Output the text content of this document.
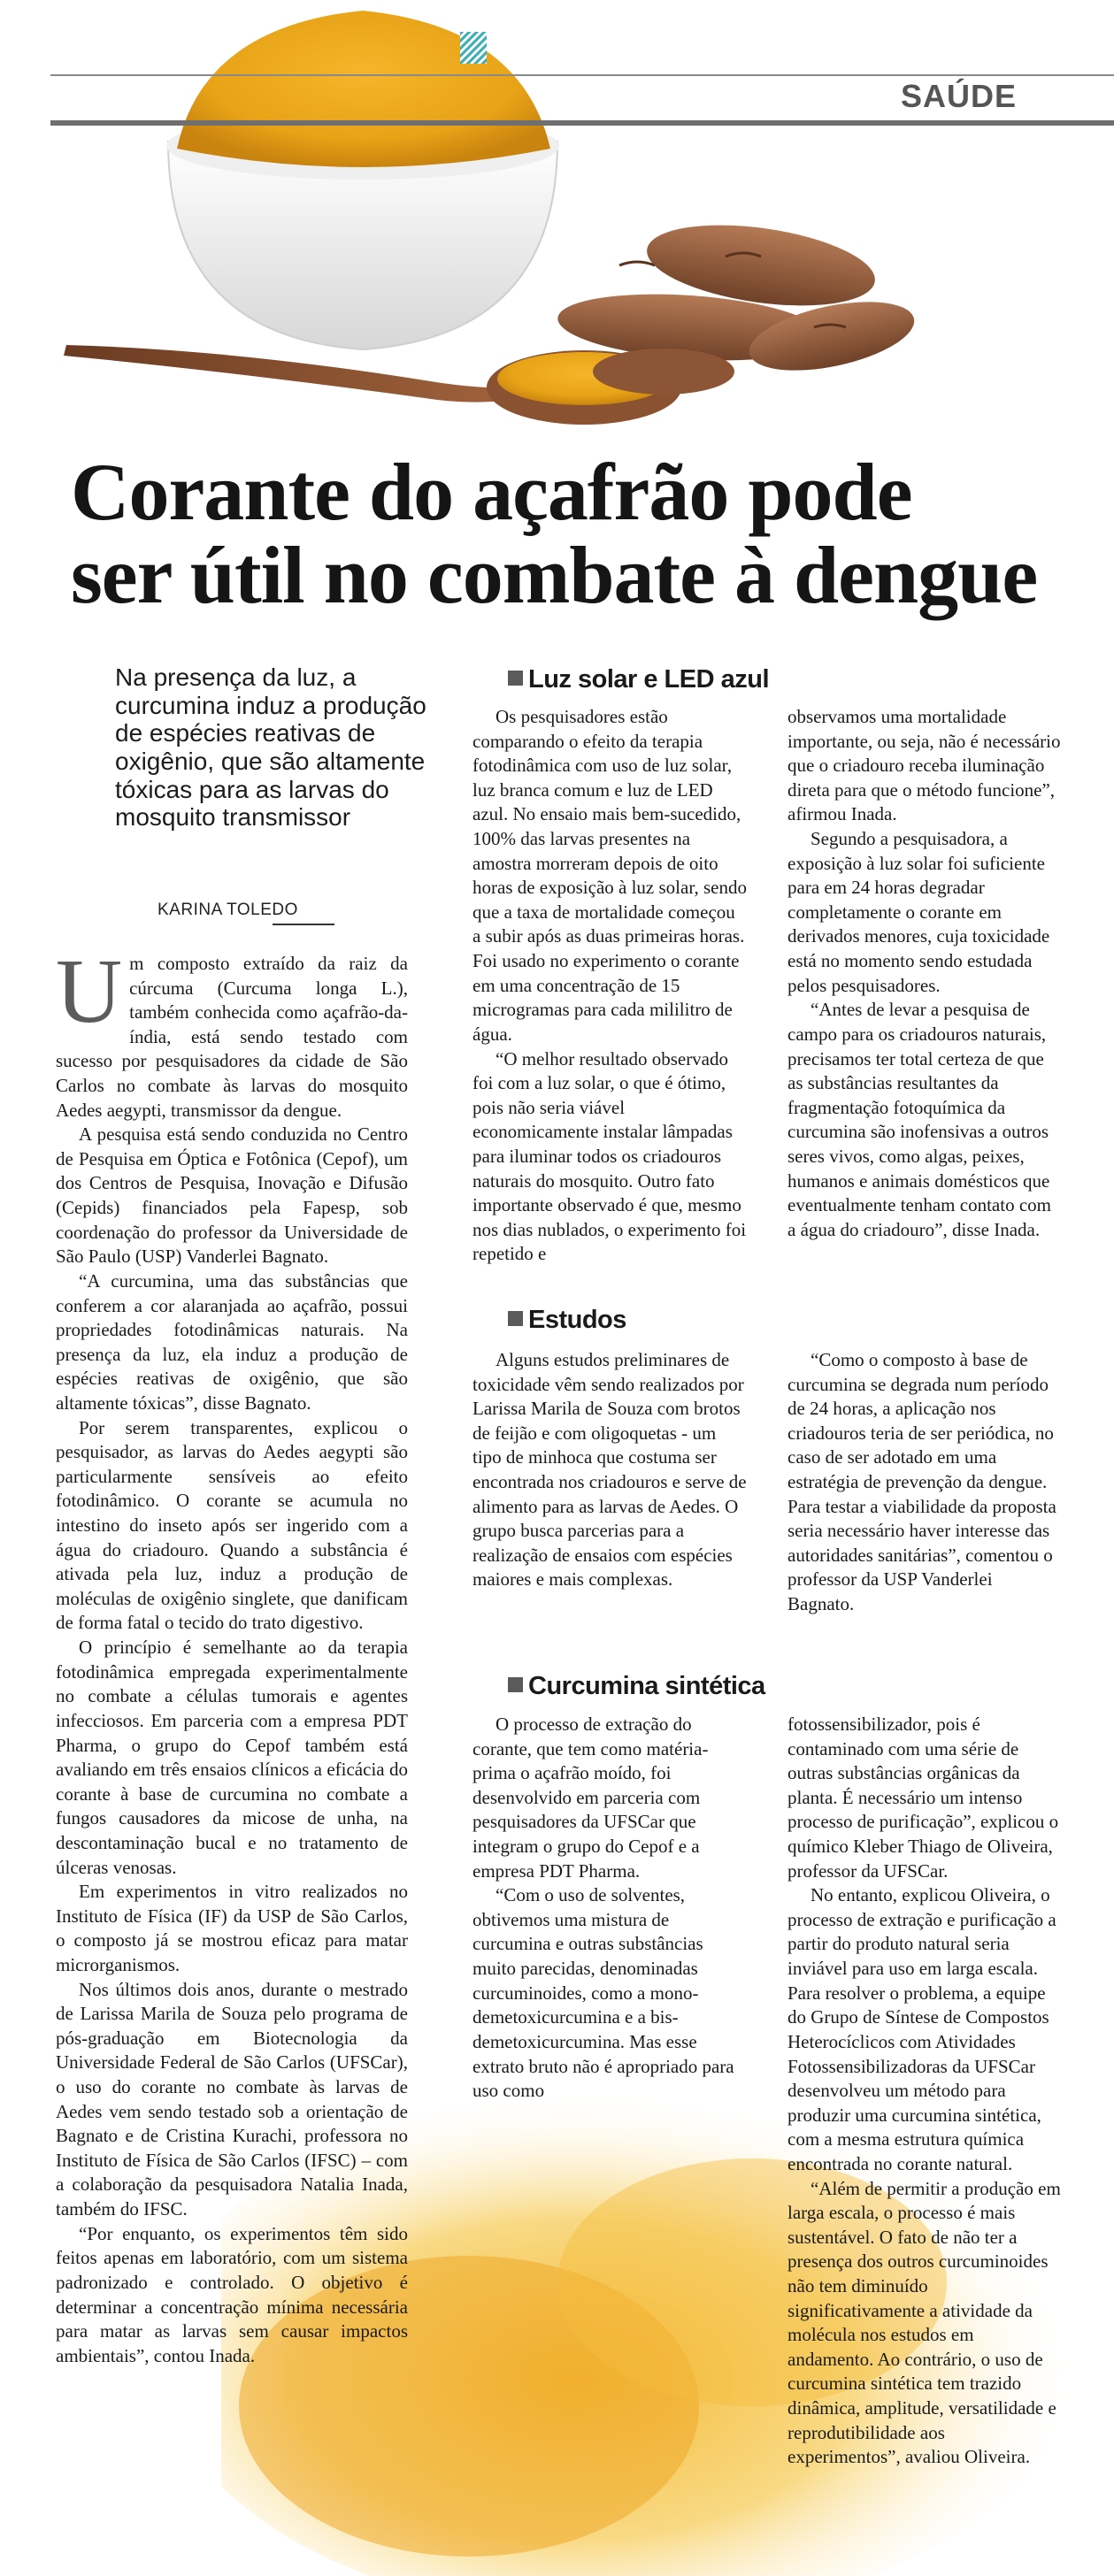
SAÚDE
Corante do açafrão pode
ser útil no combate à dengue
Na presença da luz, a curcumina induz a produção de espécies reativas de oxigênio, que são altamente tóxicas para as larvas do mosquito transmissor
KARINA TOLEDO

Um composto extraído da raiz da cúrcuma (Curcuma longa L.), também conhecida como açafrão-da-índia, está sendo testado com sucesso por pesquisadores da cidade de São Carlos no combate às larvas do mosquito Aedes aegypti, transmissor da dengue.

A pesquisa está sendo conduzida no Centro de Pesquisa em Óptica e Fotônica (Cepof), um dos Centros de Pesquisa, Inovação e Difusão (Cepids) financiados pela Fapesp, sob coordenação do professor da Universidade de São Paulo (USP) Vanderlei Bagnato.

“A curcumina, uma das substâncias que conferem a cor alaranjada ao açafrão, possui propriedades fotodinâmicas naturais. Na presença da luz, ela induz a produção de espécies reativas de oxigênio, que são altamente tóxicas”, disse Bagnato.

Por serem transparentes, explicou o pesquisador, as larvas do Aedes aegypti são particularmente sensíveis ao efeito fotodinâmico. O corante se acumula no intestino do inseto após ser ingerido com a água do criadouro. Quando a substância é ativada pela luz, induz a produção de moléculas de oxigênio singlete, que danificam de forma fatal o tecido do trato digestivo.

O princípio é semelhante ao da terapia fotodinâmica empregada experimentalmente no combate a células tumorais e agentes infecciosos. Em parceria com a empresa PDT Pharma, o grupo do Cepof também está avaliando em três ensaios clínicos a eficácia do corante à base de curcumina no combate a fungos causadores da micose de unha, na descontaminação bucal e no tratamento de úlceras venosas.

Em experimentos in vitro realizados no Instituto de Física (IF) da USP de São Carlos, o composto já se mostrou eficaz para matar microrganismos.

Nos últimos dois anos, durante o mestrado de Larissa Marila de Souza pelo programa de pós-graduação em Biotecnologia da Universidade Federal de São Carlos (UFSCar), o uso do corante no combate às larvas de Aedes vem sendo testado sob a orientação de Bagnato e de Cristina Kurachi, professora no Instituto de Física de São Carlos (IFSC) – com a colaboração da pesquisadora Natalia Inada, também do IFSC.

“Por enquanto, os experimentos têm sido feitos apenas em laboratório, com um sistema padronizado e controlado. O objetivo é determinar a concentração mínima necessária para matar as larvas sem causar impactos ambientais”, contou Inada.

Luz solar e LED azul

Os pesquisadores estão comparando o efeito da terapia fotodinâmica com uso de luz solar, luz branca comum e luz de LED azul. No ensaio mais bem-sucedido, 100% das larvas presentes na amostra morreram depois de oito horas de exposição à luz solar, sendo que a taxa de mortalidade começou a subir após as duas primeiras horas. Foi usado no experimento o corante em uma concentração de 15 microgramas para cada mililitro de água.

“O melhor resultado observado foi com a luz solar, o que é ótimo, pois não seria viável economicamente instalar lâmpadas para iluminar todos os criadouros naturais do mosquito. Outro fato importante observado é que, mesmo nos dias nublados, o experimento foi repetido e

observamos uma mortalidade importante, ou seja, não é necessário que o criadouro receba iluminação direta para que o método funcione”, afirmou Inada.

Segundo a pesquisadora, a exposição à luz solar foi suficiente para em 24 horas degradar completamente o corante em derivados menores, cuja toxicidade está no momento sendo estudada pelos pesquisadores.

“Antes de levar a pesquisa de campo para os criadouros naturais, precisamos ter total certeza de que as substâncias resultantes da fragmentação fotoquímica da curcumina são inofensivas a outros seres vivos, como algas, peixes, humanos e animais domésticos que eventualmente tenham contato com a água do criadouro”, disse Inada.

Estudos

Alguns estudos preliminares de toxicidade vêm sendo realizados por Larissa Marila de Souza com brotos de feijão e com oligoquetas - um tipo de minhoca que costuma ser encontrada nos criadouros e serve de alimento para as larvas de Aedes. O grupo busca parcerias para a realização de ensaios com espécies maiores e mais complexas.

“Como o composto à base de curcumina se degrada num período de 24 horas, a aplicação nos criadouros teria de ser periódica, no caso de ser adotado em uma estratégia de prevenção da dengue. Para testar a viabilidade da proposta seria necessário haver interesse das autoridades sanitárias”, comentou o professor da USP Vanderlei Bagnato.

Curcumina sintética

O processo de extração do corante, que tem como matéria-prima o açafrão moído, foi desenvolvido em parceria com pesquisadores da UFSCar que integram o grupo do Cepof e a empresa PDT Pharma.

“Com o uso de solventes, obtivemos uma mistura de curcumina e outras substâncias muito parecidas, denominadas curcuminoides, como a mono-demetoxicurcumina e a bis-demetoxicurcumina. Mas esse extrato bruto não é apropriado para uso como

fotossensibilizador, pois é contaminado com uma série de outras substâncias orgânicas da planta. É necessário um intenso processo de purificação”, explicou o químico Kleber Thiago de Oliveira, professor da UFSCar.

No entanto, explicou Oliveira, o processo de extração e purificação a partir do produto natural seria inviável para uso em larga escala. Para resolver o problema, a equipe do Grupo de Síntese de Compostos Heterocíclicos com Atividades Fotossensibilizadoras da UFSCar desenvolveu um método para produzir uma curcumina sintética, com a mesma estrutura química encontrada no corante natural.

“Além de permitir a produção em larga escala, o processo é mais sustentável. O fato de não ter a presença dos outros curcuminoides não tem diminuído significativamente a atividade da molécula nos estudos em andamento. Ao contrário, o uso de curcumina sintética tem trazido dinâmica, amplitude, versatilidade e reprodutibilidade aos experimentos”, avaliou Oliveira.
